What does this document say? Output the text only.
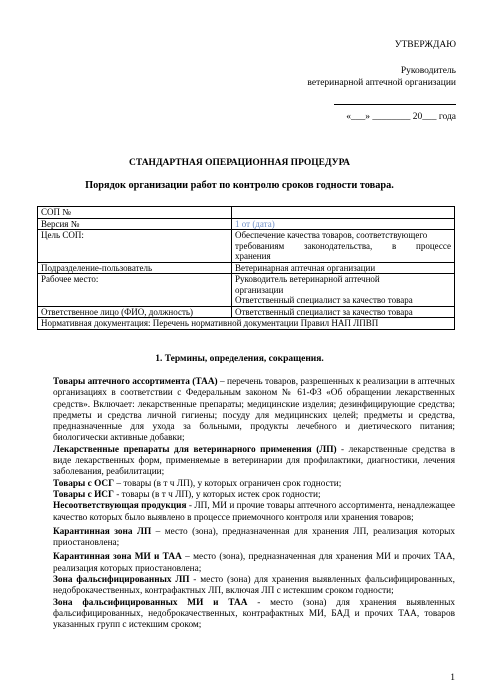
УТВЕРЖДАЮ
Руководитель
ветеринарной аптечной организации
«___» ________ 20___ года
СТАНДАРТНАЯ ОПЕРАЦИОННАЯ ПРОЦЕДУРА
Порядок организации работ по контролю сроков годности товара.
СОП №	
Версия №	1 от (дата)
Цель СОП:	Обеспечение качества товаров, соответствующего
требованиям законодательства, в процессе
хранения

Подразделение-пользователь	Ветеринарная аптечная организации
Рабочее место:	Руководитель ветеринарной аптечной
организации
Ответственный специалист за качество товара

Ответственное лицо (ФИО, должность)	Ответственный специалист за качество товара
Нормативная документация: Перечень нормативной документации Правил НАП ЛПВП	
1. Термины, определения, сокращения.

Товары аптечного ассортимента (ТАА) – перечень товаров, разрешенных к реализации в аптечных организациях в соответствии с Федеральным законом № 61-ФЗ «Об обращении лекарственных средств». Включает: лекарственные препараты; медицинские изделия; дезинфицирующие средства; предметы и средства личной гигиены; посуду для медицинских целей; предметы и средства, предназначенные для ухода за больными, продукты лечебного и диетического питания; биологически активные добавки;

Лекарственные препараты для ветеринарного применения (ЛП) - лекарственные средства в виде лекарственных форм, применяемые в ветеринарии для профилактики, диагностики, лечения заболевания, реабилитации;

Товары с ОСГ – товары (в т ч ЛП), у которых ограничен срок годности;

Товары с ИСГ - товары (в т ч ЛП), у которых истек срок годности;

Несоответствующая продукция - ЛП, МИ и прочие товары аптечного ассортимента, ненадлежащее качество которых было выявлено в процессе приемочного контроля или хранения товаров;

Карантинная зона ЛП – место (зона), предназначенная для хранения ЛП, реализация которых приостановлена;

Карантинная зона МИ и ТАА – место (зона), предназначенная для хранения МИ и прочих ТАА, реализация которых приостановлена;

Зона фальсифицированных ЛП - место (зона) для хранения выявленных фальсифицированных, недоброкачественных, контрафактных ЛП, включая ЛП с истекшим сроком годности;

Зона фальсифицированных МИ и ТАА - место (зона) для хранения выявленных фальсифицированных, недоброкачественных, контрафактных МИ, БАД и прочих ТАА, товаров указанных групп с истекшим сроком;

1
